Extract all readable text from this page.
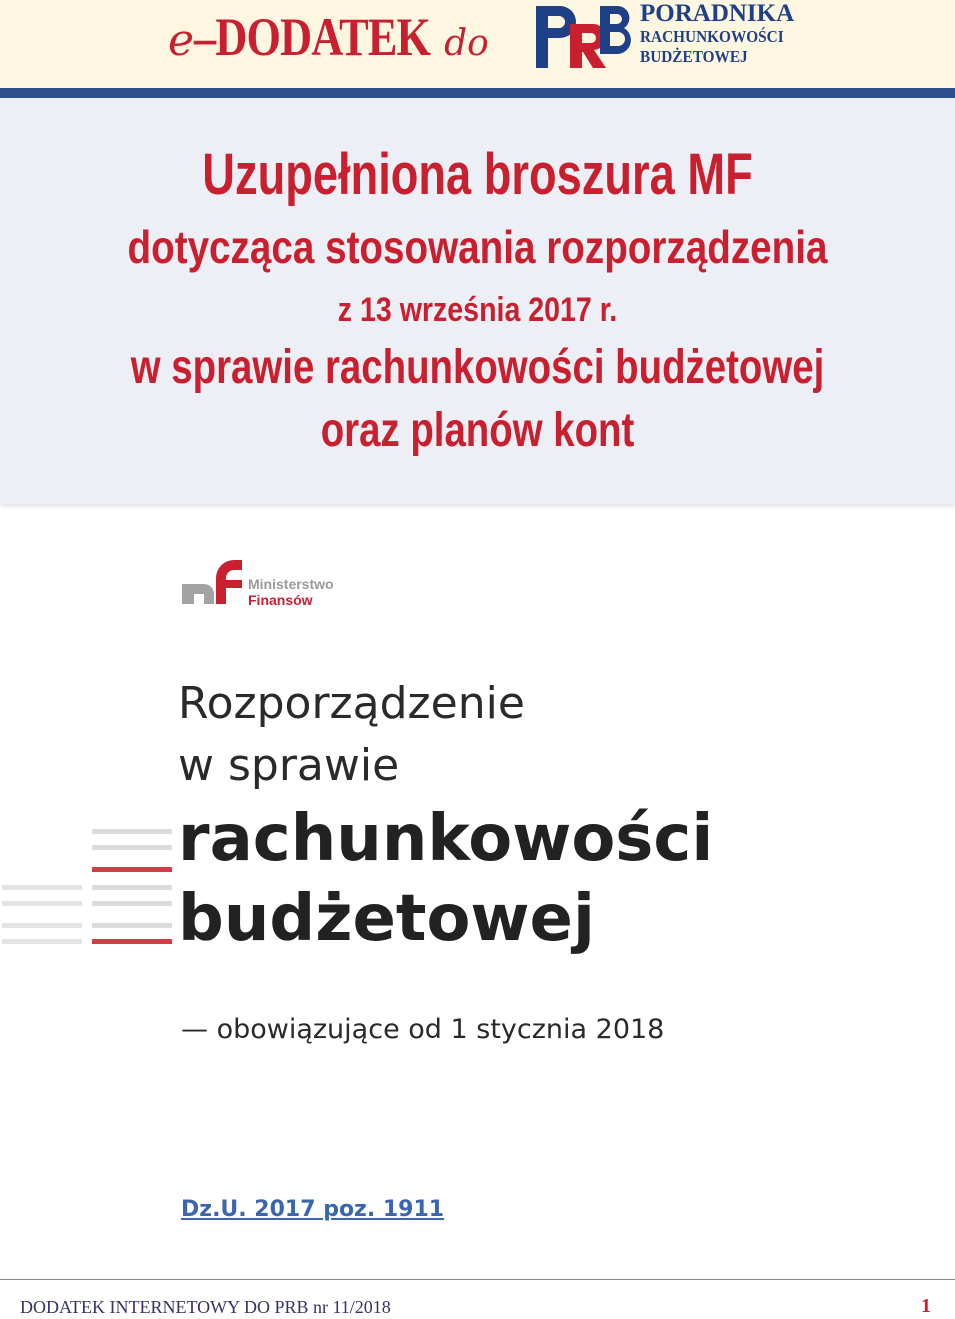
e –DODATEK do
PORADNIKA
RACHUNKOWOŚCI
BUDŻETOWEJ
Uzupełniona broszura MF
dotycząca stosowania rozporządzenia
z 13 września 2017 r.
w sprawie rachunkowości budżetowej
oraz planów kont
Ministerstwo
Finansów
Rozporządzenie
w sprawie
rachunkowości
budżetowej
— obowiązujące od 1 stycznia 2018
Dz.U. 2017 poz. 1911
DODATEK INTERNETOWY DO PRB nr 11/2018	1
